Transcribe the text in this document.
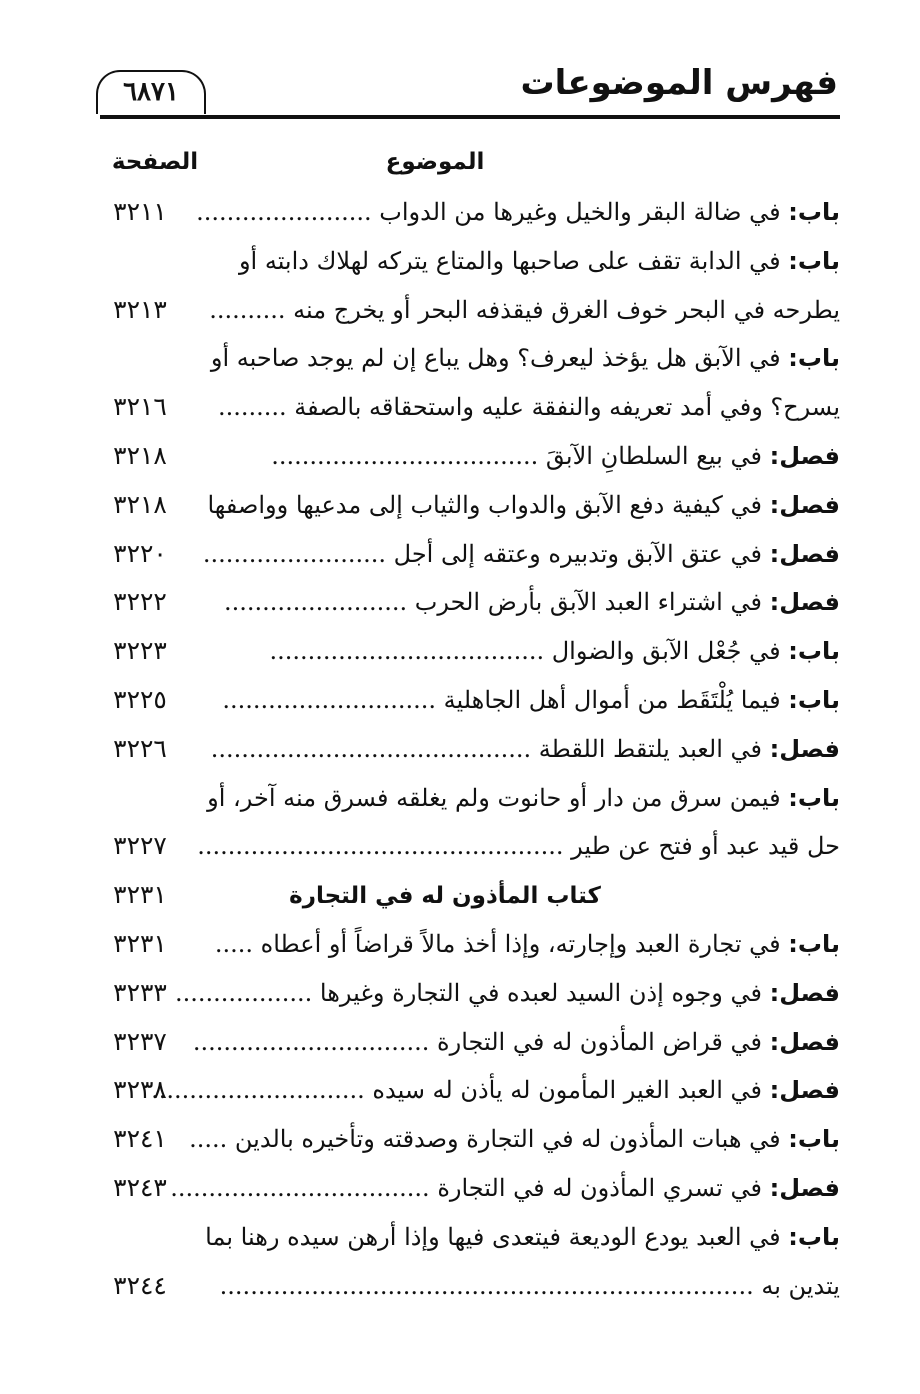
فهرس الموضوعات
٦٨٧١
الموضوع
الصفحة
باب: في ضالة البقر والخيل وغيرها من الدواب .......................
٣٢١١
باب: في الدابة تقف على صاحبها والمتاع يتركه لهلاك دابته أو
يطرحه في البحر خوف الغرق فيقذفه البحر أو يخرج منه ..........
٣٢١٣
باب: في الآبق هل يؤخذ ليعرف؟ وهل يباع إن لم يوجد صاحبه أو
يسرح؟ وفي أمد تعريفه والنفقة عليه واستحقاقه بالصفة .........
٣٢١٦
فصل: في بيع السلطانِ الآبقَ ...................................
٣٢١٨
فصل: في كيفية دفع الآبق والدواب والثياب إلى مدعيها وواصفها
٣٢١٨
فصل: في عتق الآبق وتدبيره وعتقه إلى أجل ........................
٣٢٢٠
فصل: في اشتراء العبد الآبق بأرض الحرب ........................
٣٢٢٢
باب: في جُعْل الآبق والضوال ....................................
٣٢٢٣
باب: فيما يُلْتَقَط من أموال أهل الجاهلية ............................
٣٢٢٥
فصل: في العبد يلتقط اللقطة ..........................................
٣٢٢٦
باب: فيمن سرق من دار أو حانوت ولم يغلقه فسرق منه آخر، أو
حل قيد عبد أو فتح عن طير ................................................
٣٢٢٧
كتاب المأذون له في التجارة
٣٢٣١
باب: في تجارة العبد وإجارته، وإذا أخذ مالاً قراضاً أو أعطاه .....
٣٢٣١
فصل: في وجوه إذن السيد لعبده في التجارة وغيرها ..................
٣٢٣٣
فصل: في قراض المأذون له في التجارة ...............................
٣٢٣٧
فصل: في العبد الغير المأمون له يأذن له سيده ............................
٣٢٣٨
باب: في هبات المأذون له في التجارة وصدقته وتأخيره بالدين .....
٣٢٤١
فصل: في تسري المأذون له في التجارة ..................................
٣٢٤٣
باب: في العبد يودع الوديعة فيتعدى فيها وإذا أرهن سيده رهنا بما
يتدين به ......................................................................
٣٢٤٤
